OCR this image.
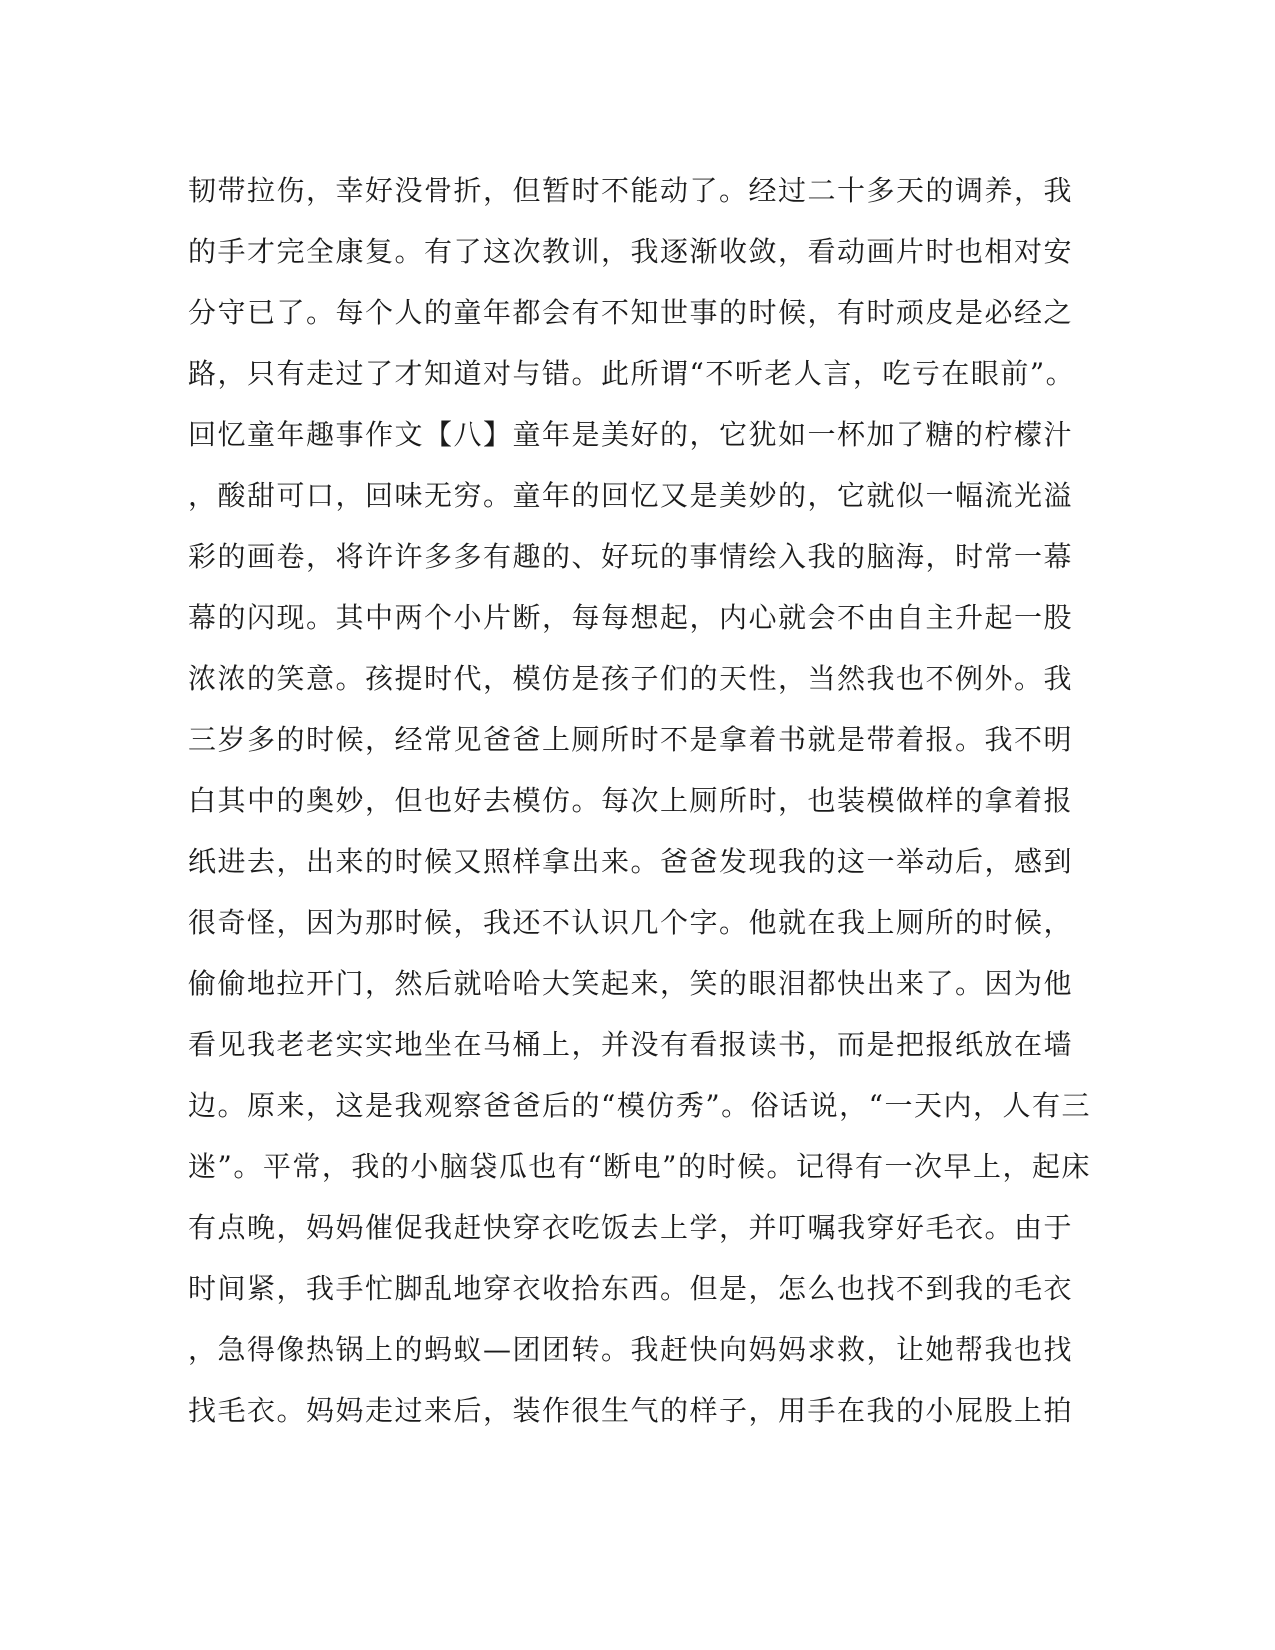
韧带拉伤，幸好没骨折，但暂时不能动了。经过二十多天的调养，我
的手才完全康复。有了这次教训，我逐渐收敛，看动画片时也相对安
分守已了。每个人的童年都会有不知世事的时候，有时顽皮是必经之
路，只有走过了才知道对与错。此所谓“不听老人言，吃亏在眼前”。
回忆童年趣事作文【八】童年是美好的，它犹如一杯加了糖的柠檬汁
，酸甜可口，回味无穷。童年的回忆又是美妙的，它就似一幅流光溢
彩的画卷，将许许多多有趣的、好玩的事情绘入我的脑海，时常一幕
幕的闪现。其中两个小片断，每每想起，内心就会不由自主升起一股
浓浓的笑意。孩提时代，模仿是孩子们的天性，当然我也不例外。我
三岁多的时候，经常见爸爸上厕所时不是拿着书就是带着报。我不明
白其中的奥妙，但也好去模仿。每次上厕所时，也装模做样的拿着报
纸进去，出来的时候又照样拿出来。爸爸发现我的这一举动后，感到
很奇怪，因为那时候，我还不认识几个字。他就在我上厕所的时候，
偷偷地拉开门，然后就哈哈大笑起来，笑的眼泪都快出来了。因为他
看见我老老实实地坐在马桶上，并没有看报读书，而是把报纸放在墙
边。原来，这是我观察爸爸后的“模仿秀”。俗话说，“一天内，人有三
迷”。平常，我的小脑袋瓜也有“断电”的时候。记得有一次早上，起床
有点晚，妈妈催促我赶快穿衣吃饭去上学，并叮嘱我穿好毛衣。由于
时间紧，我手忙脚乱地穿衣收拾东西。但是，怎么也找不到我的毛衣
，急得像热锅上的蚂蚁—团团转。我赶快向妈妈求救，让她帮我也找
找毛衣。妈妈走过来后，装作很生气的样子，用手在我的小屁股上拍
